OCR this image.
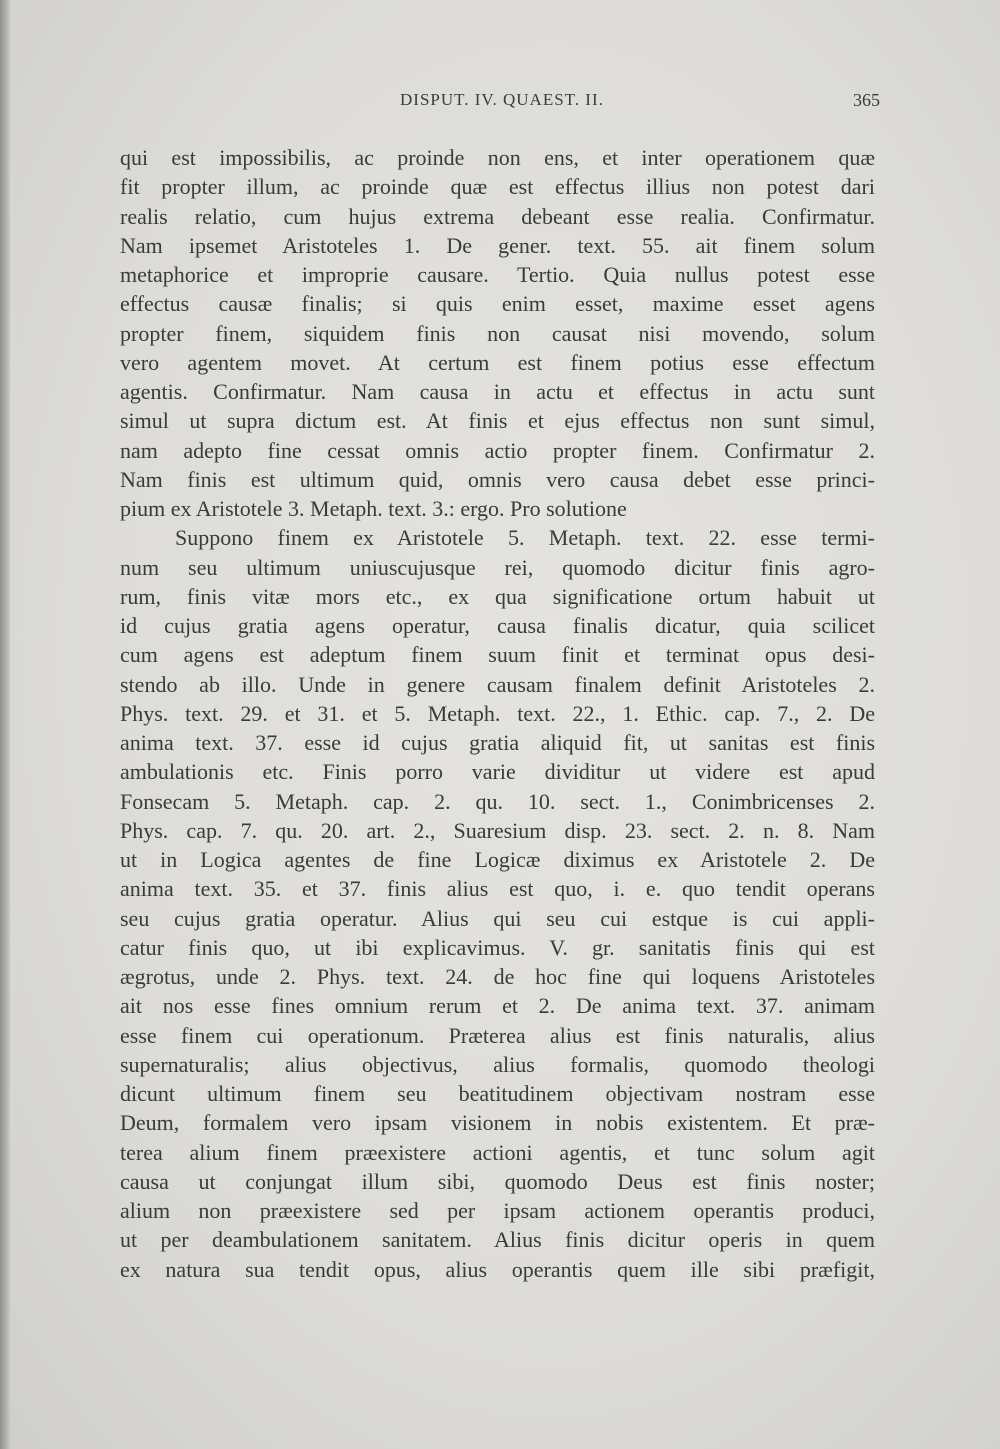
DISPUT. IV. QUAEST. II.	365
qui est impossibilis, ac proinde non ens, et inter operationem quæ
fit propter illum, ac proinde quæ est effectus illius non potest dari
realis relatio, cum hujus extrema debeant esse realia. Confirmatur.
Nam ipsemet Aristoteles 1. De gener. text. 55. ait finem solum
metaphorice et improprie causare. Tertio. Quia nullus potest esse
effectus causæ finalis; si quis enim esset, maxime esset agens
propter finem, siquidem finis non causat nisi movendo, solum
vero agentem movet. At certum est finem potius esse effectum
agentis. Confirmatur. Nam causa in actu et effectus in actu sunt
simul ut supra dictum est. At finis et ejus effectus non sunt simul,
nam adepto fine cessat omnis actio propter finem. Confirmatur 2.
Nam finis est ultimum quid, omnis vero causa debet esse princi-
pium ex Aristotele 3. Metaph. text. 3.: ergo. Pro solutione
Suppono finem ex Aristotele 5. Metaph. text. 22. esse termi-
num seu ultimum uniuscujusque rei, quomodo dicitur finis agro-
rum, finis vitæ mors etc., ex qua significatione ortum habuit ut
id cujus gratia agens operatur, causa finalis dicatur, quia scilicet
cum agens est adeptum finem suum finit et terminat opus desi-
stendo ab illo. Unde in genere causam finalem definit Aristoteles 2.
Phys. text. 29. et 31. et 5. Metaph. text. 22., 1. Ethic. cap. 7., 2. De
anima text. 37. esse id cujus gratia aliquid fit, ut sanitas est finis
ambulationis etc. Finis porro varie dividitur ut videre est apud
Fonsecam 5. Metaph. cap. 2. qu. 10. sect. 1., Conimbricenses 2.
Phys. cap. 7. qu. 20. art. 2., Suaresium disp. 23. sect. 2. n. 8. Nam
ut in Logica agentes de fine Logicæ diximus ex Aristotele 2. De
anima text. 35. et 37. finis alius est quo, i. e. quo tendit operans
seu cujus gratia operatur. Alius qui seu cui estque is cui appli-
catur finis quo, ut ibi explicavimus. V. gr. sanitatis finis qui est
ægrotus, unde 2. Phys. text. 24. de hoc fine qui loquens Aristoteles
ait nos esse fines omnium rerum et 2. De anima text. 37. animam
esse finem cui operationum. Præterea alius est finis naturalis, alius
supernaturalis; alius objectivus, alius formalis, quomodo theologi
dicunt ultimum finem seu beatitudinem objectivam nostram esse
Deum, formalem vero ipsam visionem in nobis existentem. Et præ-
terea alium finem præexistere actioni agentis, et tunc solum agit
causa ut conjungat illum sibi, quomodo Deus est finis noster;
alium non præexistere sed per ipsam actionem operantis produci,
ut per deambulationem sanitatem. Alius finis dicitur operis in quem
ex natura sua tendit opus, alius operantis quem ille sibi præfigit,
